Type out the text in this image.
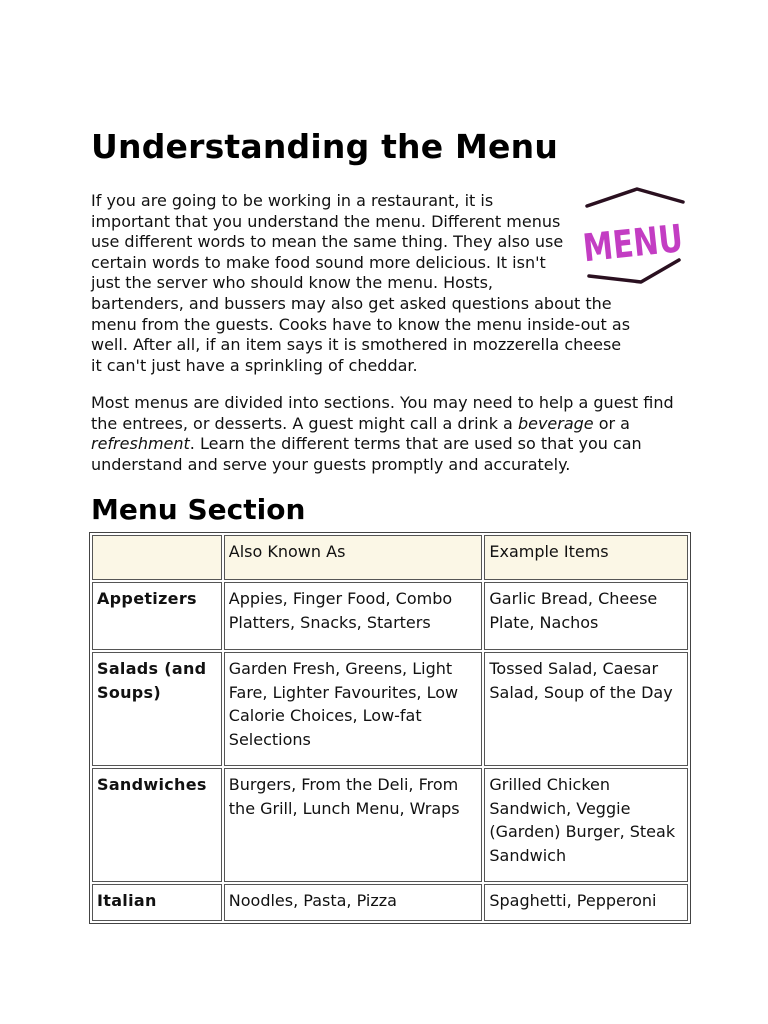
Understanding the Menu

MENU
If you are going to be working in a restaurant, it is important that you understand the menu. Different menus use different words to mean the same thing. They also use certain words to make food sound more delicious. It isn't just the server who should know the menu. Hosts, bartenders, and bussers may also get asked questions about the menu from the guests. Cooks have to know the menu inside-out as well. After all, if an item says it is smothered in mozzerella cheese it can't just have a sprinkling of cheddar.

Most menus are divided into sections. You may need to help a guest find the entrees, or desserts. A guest might call a drink a beverage or a refreshment. Learn the different terms that are used so that you can understand and serve your guests promptly and accurately.

Menu Section
	Also Known As	Example Items
Appetizers	Appies, Finger Food, Combo Platters, Snacks, Starters	Garlic Bread, Cheese Plate, Nachos
Salads (and Soups)	Garden Fresh, Greens, Light Fare, Lighter Favourites, Low Calorie Choices, Low-fat Selections	Tossed Salad, Caesar Salad, Soup of the Day
Sandwiches	Burgers, From the Deli, From the Grill, Lunch Menu, Wraps	Grilled Chicken Sandwich, Veggie (Garden) Burger, Steak Sandwich
Italian	Noodles, Pasta, Pizza	Spaghetti, Pepperoni
